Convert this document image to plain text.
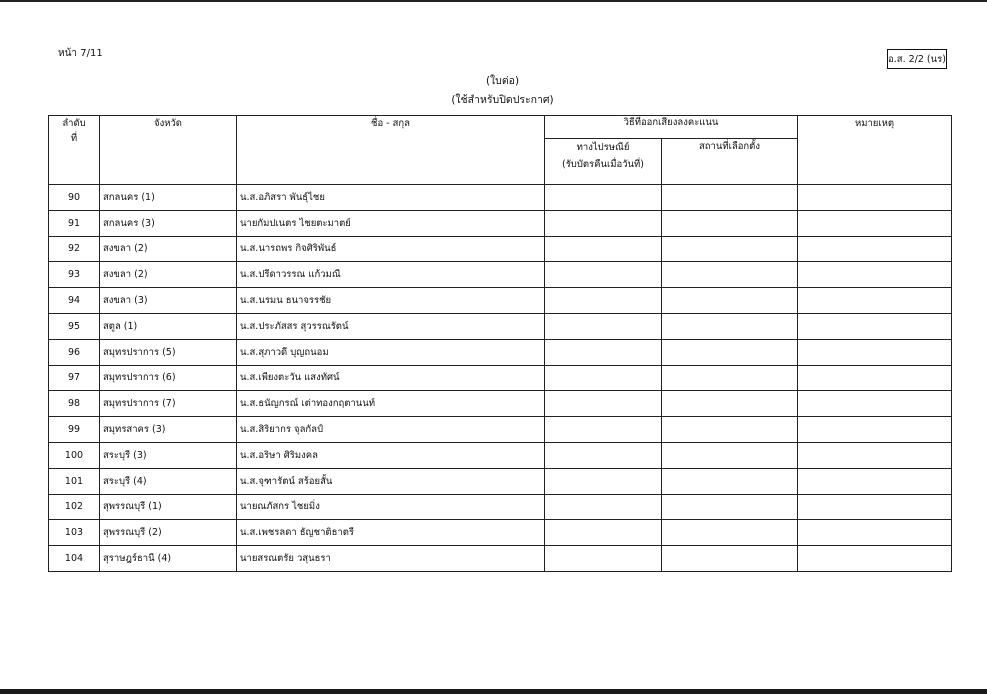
หน้า 7/11
อ.ส. 2/2 (นร)
(ใบต่อ)
(ใช้สำหรับปิดประกาศ)
ลำดับ
ที่	จังหวัด	ชื่อ - สกุล	วิธีที่ออกเสียงลงคะแนน		หมายเหตุ
			ทางไปรษณีย์
(รับบัตรคืนเมื่อวันที่)	สถานที่เลือกตั้ง	
90	สกลนคร (1)	น.ส.อภิสรา พันธุ์ไชย			
91	สกลนคร (3)	นายกัมปเนตร ไชยตะมาตย์			
92	สงขลา (2)	น.ส.นารถพร กิจศิริพันธ์			
93	สงขลา (2)	น.ส.ปรีดาวรรณ แก้วมณี			
94	สงขลา (3)	น.ส.นรมน ธนาจรรชัย			
95	สตูล (1)	น.ส.ประภัสสร สุวรรณรัตน์			
96	สมุทรปราการ (5)	น.ส.สุภาวดี บุญถนอม			
97	สมุทรปราการ (6)	น.ส.เพียงตะวัน แสงทัศน์			
98	สมุทรปราการ (7)	น.ส.ธนัญกรณ์ เต่าทองกฤตานนท์			
99	สมุทรสาคร (3)	น.ส.สิริยากร จุลกัลป์			
100	สระบุรี (3)	น.ส.อริษา ศิริมงคล			
101	สระบุรี (4)	น.ส.จุฑารัตน์ สร้อยสั้น			
102	สุพรรณบุรี (1)	นายณภัสกร ไชยมิ่ง			
103	สุพรรณบุรี (2)	น.ส.เพชรลดา ธัญชาติธาตรี			
104	สุราษฎร์ธานี (4)	นายสรณตรัย วสุนธรา			
